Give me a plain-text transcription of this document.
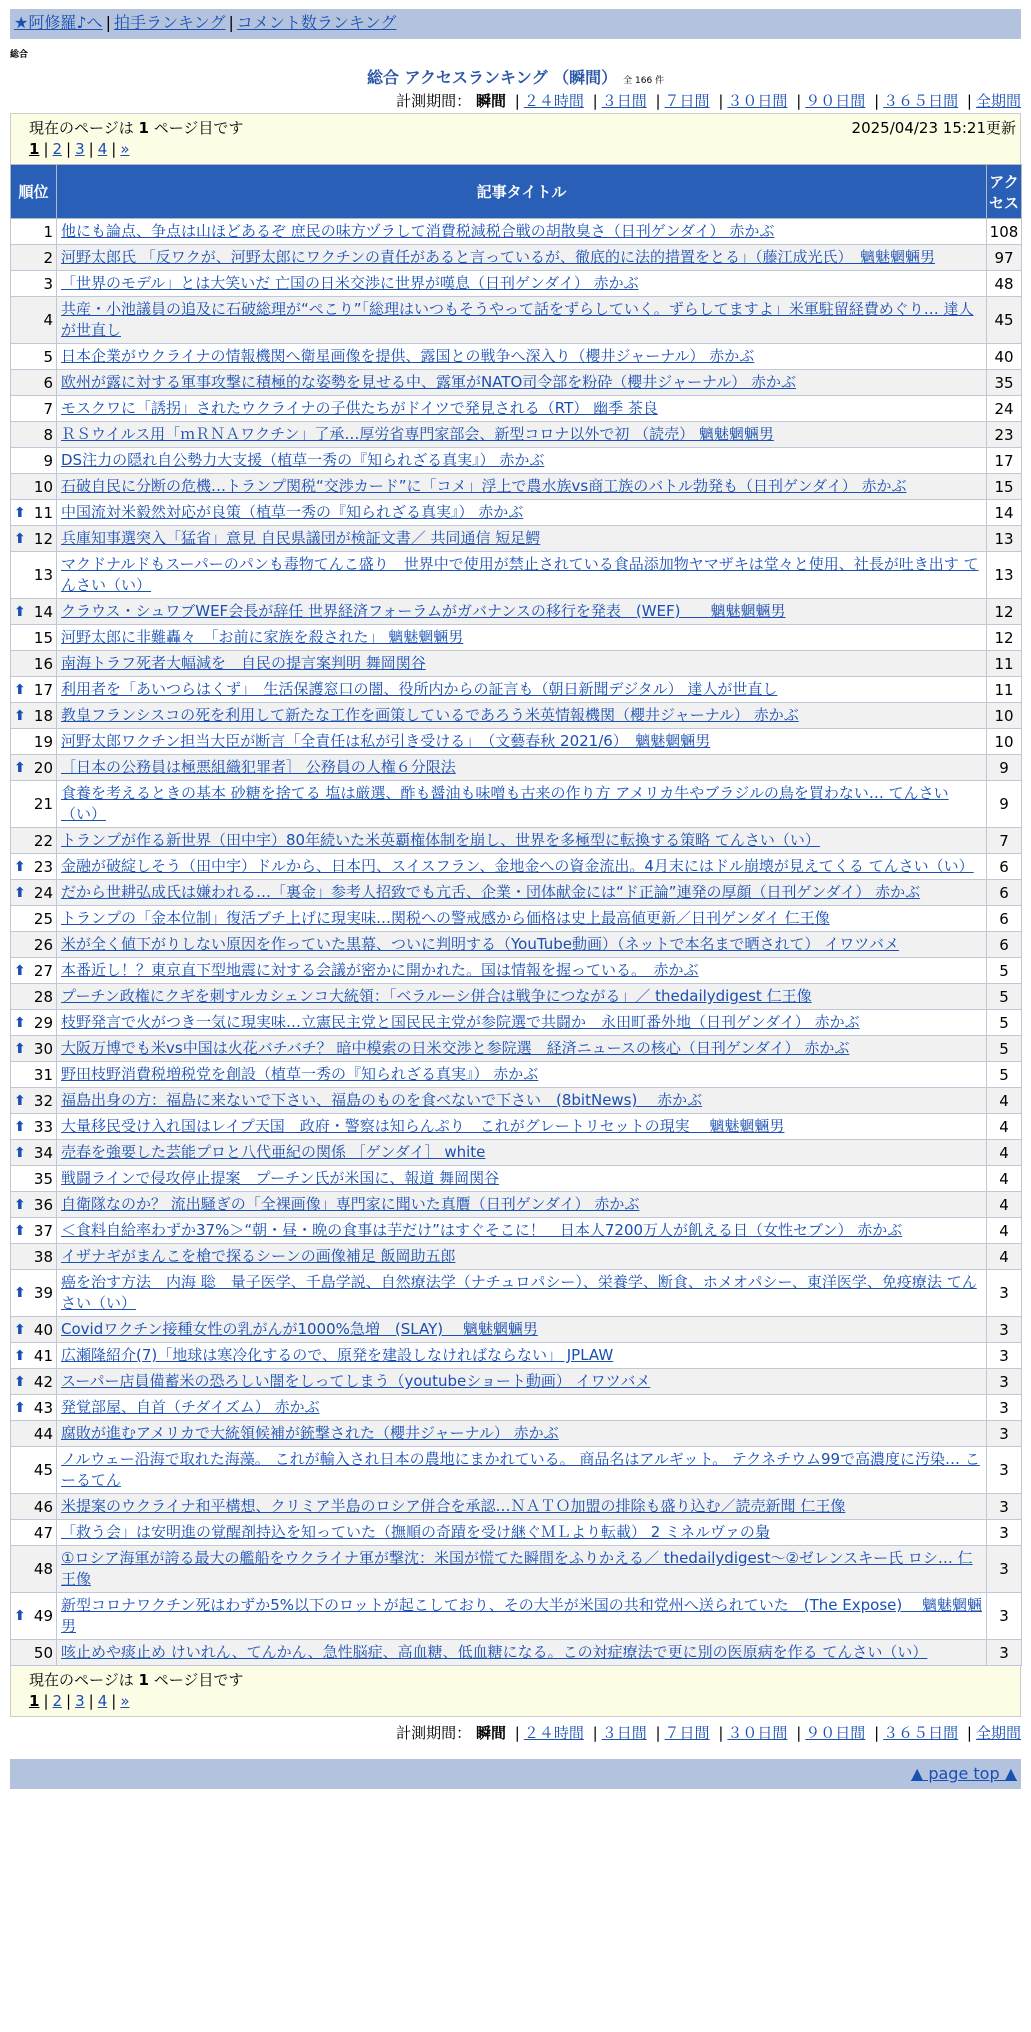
★阿修羅♪へ | 拍手ランキング | コメント数ランキング
総合
総合 アクセスランキング （瞬間） 全 166 件
計測期間： 瞬間 | ２４時間 | ３日間 | ７日間 | ３０日間 | ９０日間 | ３６５日間 | 全期間
現在のページは 1 ページ目です	2025/04/23 15:21更新
1 | 2 | 3 | 4 | »
順位	記事タイトル	アクセス
1	他にも論点、争点は山ほどあるぞ 庶民の味方ヅラして消費税減税合戦の胡散臭さ（日刊ゲンダイ） 赤かぶ	108
2	河野太郎氏 「反ワクが、河野太郎にワクチンの責任があると言っているが、徹底的に法的措置をとる」（藤江成光氏）　魑魅魍魎男	97
3	「世界のモデル」とは大笑いだ 亡国の日米交渉に世界が嘆息（日刊ゲンダイ） 赤かぶ	48
4	共産・小池議員の追及に石破総理が“ぺこり”「総理はいつもそうやって話をずらしていく。ずらしてますよ」米軍駐留経費めぐり… 達人が世直し	45
5	日本企業がウクライナの情報機関へ衛星画像を提供、露国との戦争へ深入り（櫻井ジャーナル） 赤かぶ	40
6	欧州が露に対する軍事攻撃に積極的な姿勢を見せる中、露軍がNATO司令部を粉砕（櫻井ジャーナル） 赤かぶ	35
7	モスクワに「誘拐」されたウクライナの子供たちがドイツで発見される（RT） 幽季 茶良	24
8	ＲＳウイルス用「ｍＲＮＡワクチン」了承…厚労省専門家部会、新型コロナ以外で初 （読売） 魑魅魍魎男	23
9	DS注力の隠れ自公勢力大支援（植草一秀の『知られざる真実』） 赤かぶ	17
10	石破自民に分断の危機…トランプ関税“交渉カード”に「コメ」浮上で農水族vs商工族のバトル勃発も（日刊ゲンダイ） 赤かぶ	15

⬆ 11	中国流対米毅然対応が良策（植草一秀の『知られざる真実』） 赤かぶ	14

⬆ 12	兵庫知事選突入「猛省」意見 自民県議団が検証文書／ 共同通信 短足鰐	13
13	マクドナルドもスーパーのパンも毒物てんこ盛り　世界中で使用が禁止されている食品添加物ヤマザキは堂々と使用、社長が吐き出す てんさい（い）	13

⬆ 14	クラウス・シュワブWEF会長が辞任 世界経済フォーラムがガバナンスの移行を発表　(WEF)　　魑魅魍魎男	12
15	河野太郎に非難轟々　「お前に家族を殺された」 魑魅魍魎男	12
16	南海トラフ死者大幅減を　自民の提言案判明 舞岡関谷	11

⬆ 17	利用者を「あいつらはくず」　生活保護窓口の闇、役所内からの証言も（朝日新聞デジタル） 達人が世直し	11

⬆ 18	教皇フランシスコの死を利用して新たな工作を画策しているであろう米英情報機関（櫻井ジャーナル） 赤かぶ	10
19	河野太郎ワクチン担当大臣が断言「全責任は私が引き受ける」　（文藝春秋 2021/6）　魑魅魍魎男	10

⬆ 20	［日本の公務員は極悪組織犯罪者］ 公務員の人権６分限法	9
21	食養を考えるときの基本 砂糖を捨てる 塩は厳選、酢も醤油も味噌も古来の作り方 アメリカ牛やブラジルの鳥を買わない… てんさい（い）	9
22	トランプが作る新世界（田中宇）80年続いた米英覇権体制を崩し、世界を多極型に転換する策略 てんさい（い）	7

⬆ 23	金融が破綻しそう（田中宇）ドルから、日本円、スイスフラン、金地金への資金流出。4月末にはドル崩壊が見えてくる てんさい（い）	6

⬆ 24	だから世耕弘成氏は嫌われる…「裏金」参考人招致でも亢舌、企業・団体献金には“ド正論”連発の厚顔（日刊ゲンダイ） 赤かぶ	6
25	トランプの「金本位制」復活ブチ上げに現実味…関税への警戒感から価格は史上最高値更新／日刊ゲンダイ 仁王像	6
26	米が全く値下がりしない原因を作っていた黒幕、ついに判明する（YouTube動画）（ネットで本名まで晒されて） イワツバメ	6

⬆ 27	本番近し！？東京直下型地震に対する会議が密かに開かれた。国は情報を握っている。　赤かぶ	5
28	プーチン政権にクギを刺すルカシェンコ大統領：「ベラルーシ併合は戦争につながる」／ thedailydigest 仁王像	5

⬆ 29	枝野発言で火がつき一気に現実味…立憲民主党と国民民主党が参院選で共闘か　永田町番外地（日刊ゲンダイ） 赤かぶ	5

⬆ 30	大阪万博でも米vs中国は火花バチバチ？ 暗中模索の日米交渉と参院選　経済ニュースの核心（日刊ゲンダイ） 赤かぶ	5
31	野田枝野消費税増税党を創設（植草一秀の『知られざる真実』） 赤かぶ	5

⬆ 32	福島出身の方：福島に来ないで下さい、福島のものを食べないで下さい　(8bitNews)　 赤かぶ	4

⬆ 33	大量移民受け入れ国はレイプ天国　政府・警察は知らんぷり　これがグレートリセットの現実　 魑魅魍魎男	4

⬆ 34	売春を強要した芸能プロと八代亜紀の関係 ［ゲンダイ］ white	4
35	戦闘ラインで侵攻停止提案　プーチン氏が米国に、報道 舞岡関谷	4

⬆ 36	自衛隊なのか？ 流出騒ぎの「全裸画像」専門家に聞いた真贋（日刊ゲンダイ） 赤かぶ	4

⬆ 37	＜食料自給率わずか37%＞“朝・昼・晩の食事は芋だけ”はすぐそこに！　日本人7200万人が飢える日（女性セブン） 赤かぶ	4
38	イザナギがまんこを槍で探るシーンの画像補足 飯岡助五郎	4

⬆ 39	癌を治す方法　内海 聡　量子医学、千島学説、自然療法学（ナチュロパシー）、栄養学、断食、ホメオパシー、東洋医学、免疫療法 てんさい（い）	3

⬆ 40	Covidワクチン接種女性の乳がんが1000%急増　(SLAY)　 魑魅魍魎男	3

⬆ 41	広瀬隆紹介(7)「地球は寒冷化するので、原発を建設しなければならない」 JPLAW	3

⬆ 42	スーパー店員備蓄米の恐ろしい闇をしってしまう（youtubeショート動画） イワツバメ	3

⬆ 43	発覚部屋、自首（チダイズム） 赤かぶ	3
44	腐敗が進むアメリカで大統領候補が銃撃された（櫻井ジャーナル） 赤かぶ	3
45	ノルウェー沿海で取れた海藻。 これが輸入され日本の農地にまかれている。 商品名はアルギット。 テクネチウム99で高濃度に汚染… こーるてん	3
46	米提案のウクライナ和平構想、クリミア半島のロシア併合を承認…ＮＡＴＯ加盟の排除も盛り込む／読売新聞 仁王像	3
47	「救う会」は安明進の覚醒剤持込を知っていた（撫順の奇蹟を受け継ぐＭＬより転載） 2 ミネルヴァの梟	3
48	①ロシア海軍が誇る最大の艦船をウクライナ軍が撃沈：米国が慌てた瞬間をふりかえる／ thedailydigest～②ゼレンスキー氏 ロシ… 仁王像	3

⬆ 49	新型コロナワクチン死はわずか5%以下のロットが起こしており、その大半が米国の共和党州へ送られていた　(The Expose)　 魑魅魍魎男	3
50	咳止めや痰止め けいれん、てんかん、急性脳症、高血糖、低血糖になる。この対症療法で更に別の医原病を作る てんさい（い）	3
現在のページは 1 ページ目です
1 | 2 | 3 | 4 | »
計測期間： 瞬間 | ２４時間 | ３日間 | ７日間 | ３０日間 | ９０日間 | ３６５日間 | 全期間
▲ page top ▲
